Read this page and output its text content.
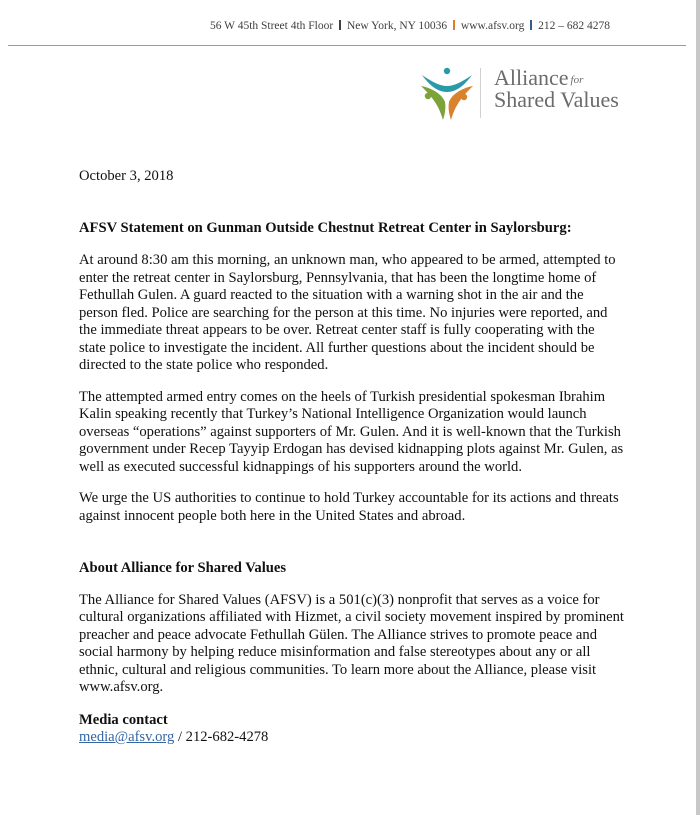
56 W 45th Street 4th Floor New York, NY 10036 www.afsv.org 212 – 682 4278
Alliance for
Shared Values

October 3, 2018

AFSV Statement on Gunman Outside Chestnut Retreat Center in Saylorsburg:

At around 8:30 am this morning, an unknown man, who appeared to be armed, attempted to enter the retreat center in Saylorsburg, Pennsylvania, that has been the longtime home of Fethullah Gulen. A guard reacted to the situation with a warning shot in the air and the person fled. Police are searching for the person at this time. No injuries were reported, and the immediate threat appears to be over. Retreat center staff is fully cooperating with the state police to investigate the incident. All further questions about the incident should be directed to the state police who responded.

The attempted armed entry comes on the heels of Turkish presidential spokesman Ibrahim Kalin speaking recently that Turkey’s National Intelligence Organization would launch overseas “operations” against supporters of Mr. Gulen. And it is well-known that the Turkish government under Recep Tayyip Erdogan has devised kidnapping plots against Mr. Gulen, as well as executed successful kidnappings of his supporters around the world.

We urge the US authorities to continue to hold Turkey accountable for its actions and threats against innocent people both here in the United States and abroad.

About Alliance for Shared Values

The Alliance for Shared Values (AFSV) is a 501(c)(3) nonprofit that serves as a voice for cultural organizations affiliated with Hizmet, a civil society movement inspired by prominent preacher and peace advocate Fethullah Gülen. The Alliance strives to promote peace and social harmony by helping reduce misinformation and false stereotypes about any or all ethnic, cultural and religious communities. To learn more about the Alliance, please visit www.afsv.org.

Media contact

media@afsv.org / 212-682-4278
